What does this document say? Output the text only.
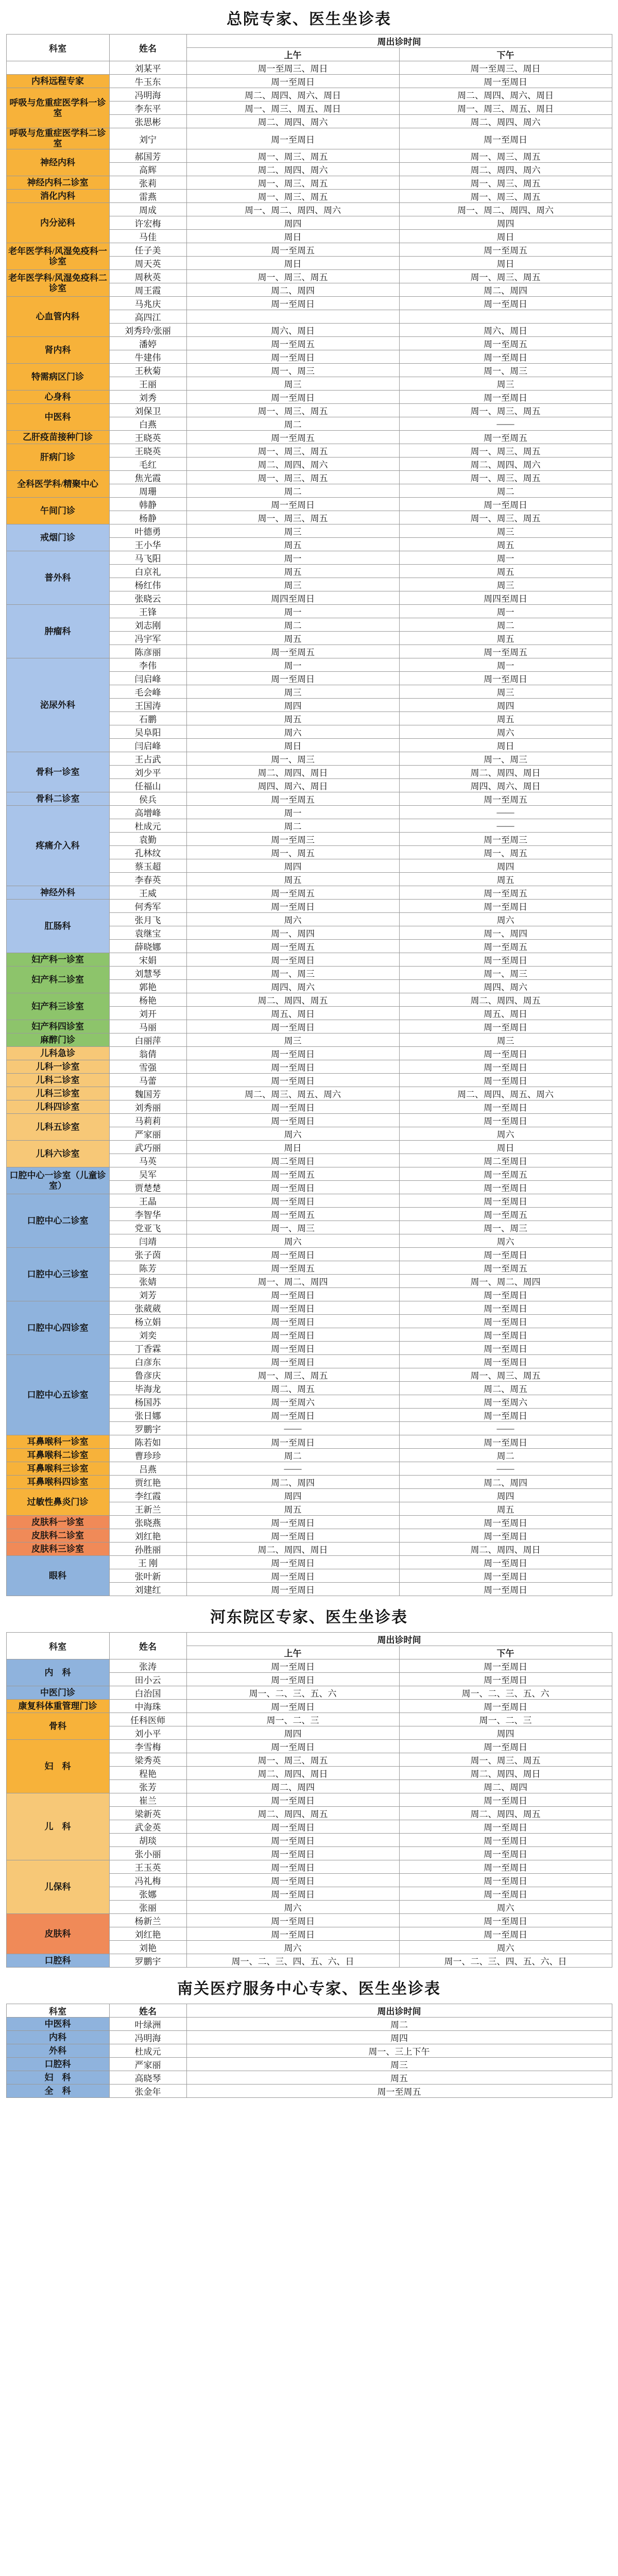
总院专家、医生坐诊表
科室	姓名	周出诊时间	
		上午	下午
	刘某平	周一至周三、周日	周一至周三、周日
内科远程专家	牛玉东	周一至周日	周一至周日
呼吸与危重症医学科一诊室	冯明海	周二、周四、周六、周日	周二、周四、周六、周日
	李东平	周一、周三、周五、周日	周一、周三、周五、周日
	张思彬	周二、周四、周六	周二、周四、周六
呼吸与危重症医学科二诊室	刘宁	周一至周日	周一至周日
神经内科	郝国芳	周一、周三、周五	周一、周三、周五
	高辉	周二、周四、周六	周二、周四、周六
神经内科二诊室	张莉	周一、周三、周五	周一、周三、周五
消化内科	雷燕	周一、周三、周五	周一、周三、周五
内分泌科	周成	周一、周二、周四、周六	周一、周二、周四、周六
	许宏梅	周四	周四
	马佳	周日	周日
老年医学科/风湿免疫科一诊室	任子美	周一至周五	周一至周五
	周天英	周日	周日
老年医学科/风湿免疫科二诊室	周秋英	周一、周三、周五	周一、周三、周五
	周王霞	周二、周四	周二、周四
心血管内科	马兆庆	周一至周日	周一至周日
	高四江		
	刘秀玲/张丽	周六、周日	周六、周日
肾内科	潘婷	周一至周五	周一至周五
	牛建伟	周一至周日	周一至周日
特需病区门诊	王秋菊	周一、周三	周一、周三
	王丽	周三	周三
心身科	刘秀	周一至周日	周一至周日
中医科	刘保卫	周一、周三、周五	周一、周三、周五
	白燕	周二	——
乙肝疫苗接种门诊	王晓英	周一至周五	周一至周五
肝病门诊	王晓英	周一、周三、周五	周一、周三、周五
	毛红	周二、周四、周六	周二、周四、周六
全科医学科/精聚中心	焦光霞	周一、周三、周五	周一、周三、周五
	周珊	周二	周二
午间门诊	韩静	周一至周日	周一至周日
	杨静	周一、周三、周五	周一、周三、周五
戒烟门诊	叶德勇	周三	周三
	王小华	周五	周五
普外科	马飞阳	周一	周一
	白京礼	周五	周五
	杨红伟	周三	周三
	张晓云	周四至周日	周四至周日
肿瘤科	王锋	周一	周一
	刘志刚	周二	周二
	冯宇军	周五	周五
	陈彦丽	周一至周五	周一至周五
泌尿外科	李伟	周一	周一
	闫启峰	周一至周日	周一至周日
	毛会峰	周三	周三
	王国涛	周四	周四
	石鹏	周五	周五
	吴阜阳	周六	周六
	闫启峰	周日	周日
骨科一诊室	王占武	周一、周三	周一、周三
	刘少平	周二、周四、周日	周二、周四、周日
	任福山	周四、周六、周日	周四、周六、周日
骨科二诊室	侯兵	周一至周五	周一至周五
疼痛介入科	高增峰	周一	——
	杜成元	周二	——
	袁勤	周一至周三	周一至周三
	孔林纹	周一、周五	周一、周五
	蔡玉超	周四	周四
	李春英	周五	周五
神经外科	王威	周一至周五	周一至周五
肛肠科	何秀军	周一至周日	周一至周日
	张月飞	周六	周六
	袁继宝	周一、周四	周一、周四
	薛晓娜	周一至周五	周一至周五
妇产科一诊室	宋娟	周一至周日	周一至周日
妇产科二诊室	刘慧琴	周一、周三	周一、周三
	郭艳	周四、周六	周四、周六
妇产科三诊室	杨艳	周二、周四、周五	周二、周四、周五
	刘开	周五、周日	周五、周日
妇产科四诊室	马丽	周一至周日	周一至周日
麻醉门诊	白丽萍	周三	周三
儿科急诊	翁倩	周一至周日	周一至周日
儿科一诊室	雪强	周一至周日	周一至周日
儿科二诊室	马蕾	周一至周日	周一至周日
儿科三诊室	魏国芳	周二、周三、周五、周六	周二、周四、周五、周六
儿科四诊室	刘秀丽	周一至周日	周一至周日
儿科五诊室	马莉莉	周一至周日	周一至周日
	严家丽	周六	周六
儿科六诊室	武巧丽	周日	周日
	马英	周二至周日	周二至周日
口腔中心一诊室（儿童诊室）	吴军	周一至周五	周一至周五
	贾楚楚	周一至周日	周一至周日
口腔中心二诊室	王晶	周一至周日	周一至周日
	李智华	周一至周五	周一至周五
	党亚飞	周一、周三	周一、周三
	闫靖	周六	周六
口腔中心三诊室	张子茵	周一至周日	周一至周日
	陈芳	周一至周五	周一至周五
	张婧	周一、周二、周四	周一、周二、周四
	刘芳	周一至周日	周一至周日
口腔中心四诊室	张葳葳	周一至周日	周一至周日
	杨立娟	周一至周日	周一至周日
	刘奕	周一至周日	周一至周日
	丁香霖	周一至周日	周一至周日
口腔中心五诊室	白彦东	周一至周日	周一至周日
	鲁彦庆	周一、周三、周五	周一、周三、周五
	毕海龙	周二、周五	周二、周五
	杨国苏	周一至周六	周一至周六
	张日娜	周一至周日	周一至周日
	罗鹏宇	——	——
耳鼻喉科一诊室	陈若如	周一至周日	周一至周日
耳鼻喉科二诊室	曹珍珍	周二	周二
耳鼻喉科三诊室	吕燕	——	——
耳鼻喉科四诊室	贾红艳	周二、周四	周二、周四
过敏性鼻炎门诊	李红霞	周四	周四
	王新兰	周五	周五
皮肤科一诊室	张晓燕	周一至周日	周一至周日
皮肤科二诊室	刘红艳	周一至周日	周一至周日
皮肤科三诊室	孙胜丽	周二、周四、周日	周二、周四、周日
眼科	王 刚	周一至周日	周一至周日
	张叶新	周一至周日	周一至周日
	刘建红	周一至周日	周一至周日
河东院区专家、医生坐诊表
科室	姓名	周出诊时间	
		上午	下午
内　科	张涛	周一至周日	周一至周日
	田小云	周一至周日	周一至周日
中医门诊	白治国	周一、二、三、五、六	周一、二、三、五、六
康复科体重管理门诊	中海珠	周一至周日	周一至周日
骨科	任科医师	周一、二、三	周一、二、三
	刘小平	周四	周四
妇　科	李雪梅	周一至周日	周一至周日
	梁秀英	周一、周三、周五	周一、周三、周五
	程艳	周二、周四、周日	周二、周四、周日
	张芳	周二、周四	周二、周四
儿　科	崔兰	周一至周日	周一至周日
	梁新英	周二、周四、周五	周二、周四、周五
	武金英	周一至周日	周一至周日
	胡琰	周一至周日	周一至周日
	张小丽	周一至周日	周一至周日
儿保科	王玉英	周一至周日	周一至周日
	冯礼梅	周一至周日	周一至周日
	张娜	周一至周日	周一至周日
	张丽	周六	周六
皮肤科	杨新兰	周一至周日	周一至周日
	刘红艳	周一至周日	周一至周日
	刘艳	周六	周六
口腔科	罗鹏宇	周一、二、三、四、五、六、日	周一、二、三、四、五、六、日
南关医疗服务中心专家、医生坐诊表
科室	姓名	周出诊时间
中医科	叶绿洲	周二
内科	冯明海	周四
外科	杜成元	周一、三上下午
口腔科	严家丽	周三
妇　科	高晓琴	周五
全　科	张金年	周一至周五
